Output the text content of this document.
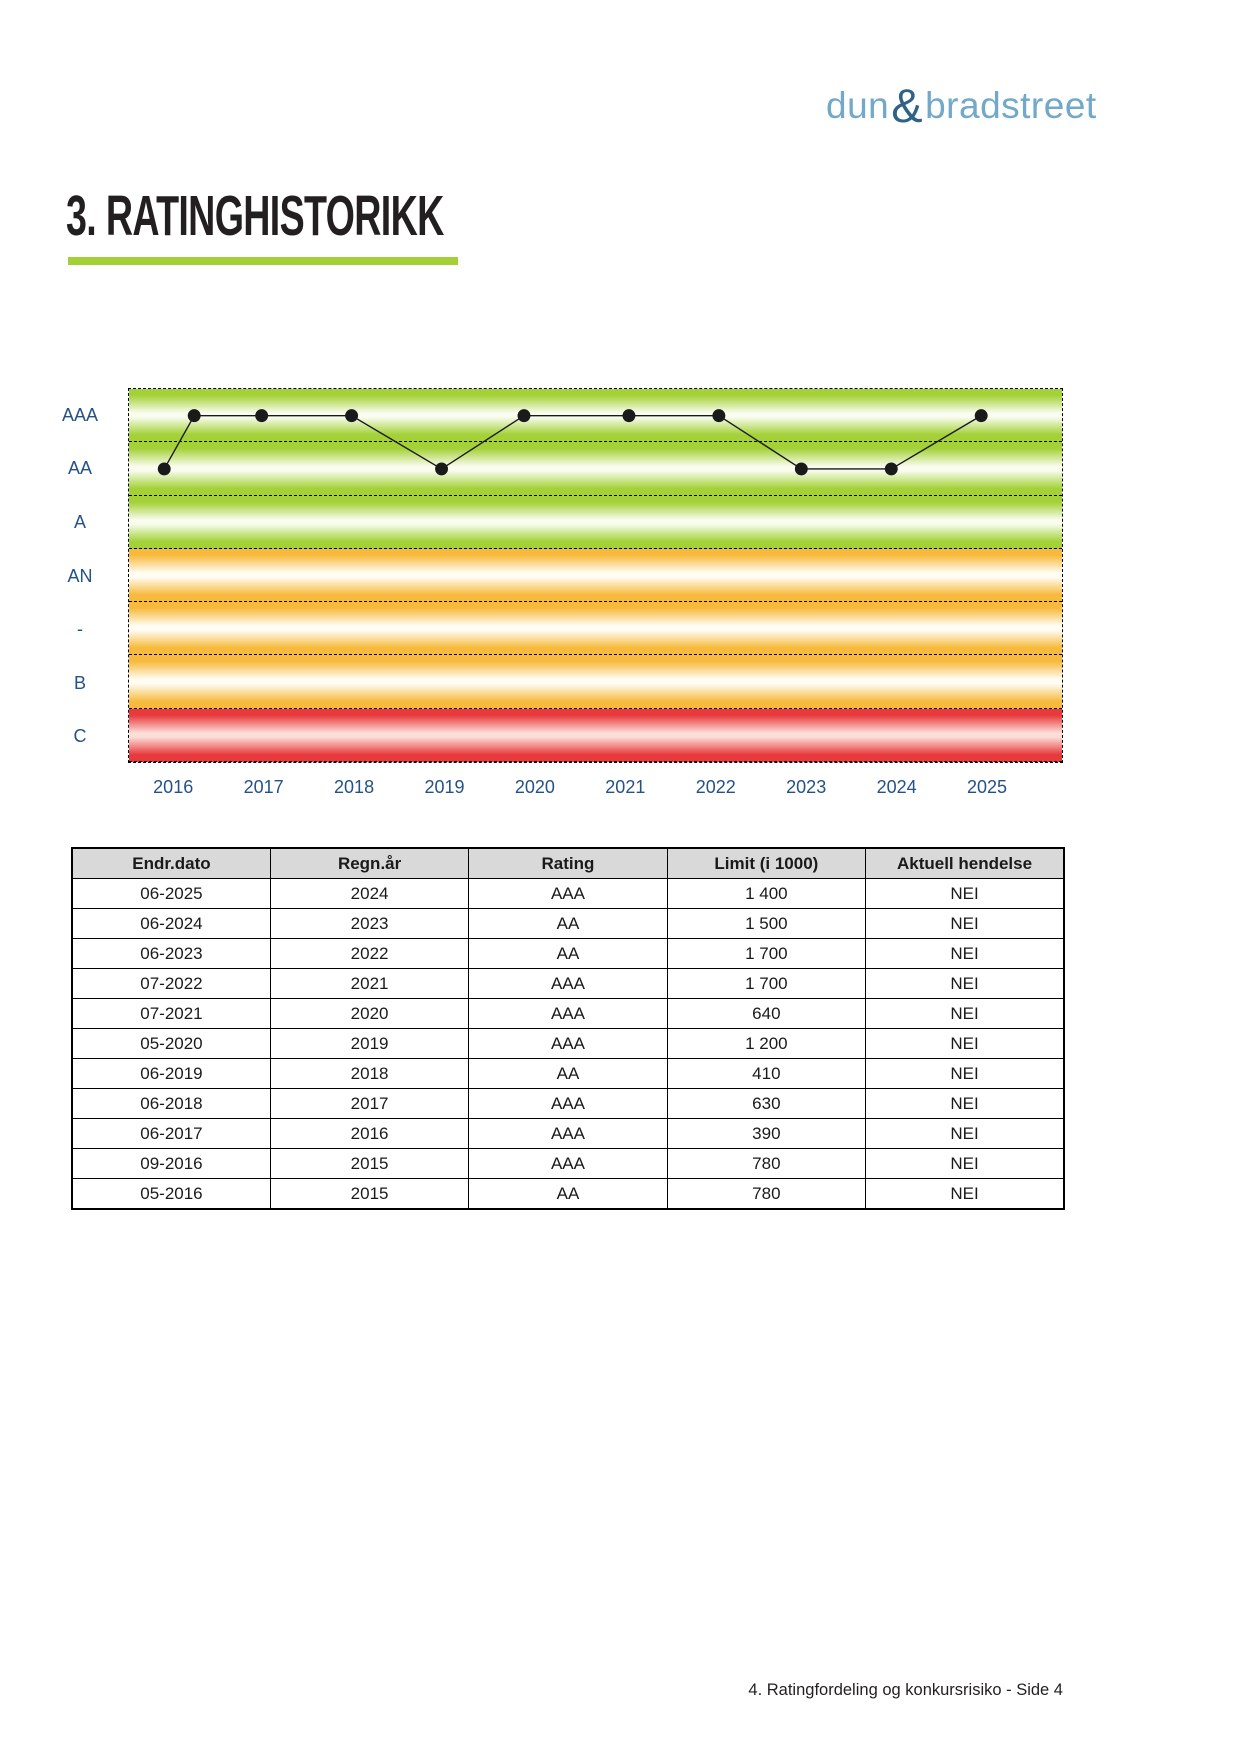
dun&bradstreet
3. RATINGHISTORIKK
AAA
AA
A
AN
-
B
C
2016	2017	2018	2019	2020	2021	2022	2023	2024	2025
Endr.dato	Regn.år	Rating	Limit (i 1000)	Aktuell hendelse
06-2025	2024	AAA	1 400	NEI
06-2024	2023	AA	1 500	NEI
06-2023	2022	AA	1 700	NEI
07-2022	2021	AAA	1 700	NEI
07-2021	2020	AAA	640	NEI
05-2020	2019	AAA	1 200	NEI
06-2019	2018	AA	410	NEI
06-2018	2017	AAA	630	NEI
06-2017	2016	AAA	390	NEI
09-2016	2015	AAA	780	NEI
05-2016	2015	AA	780	NEI
4. Ratingfordeling og konkursrisiko - Side 4
